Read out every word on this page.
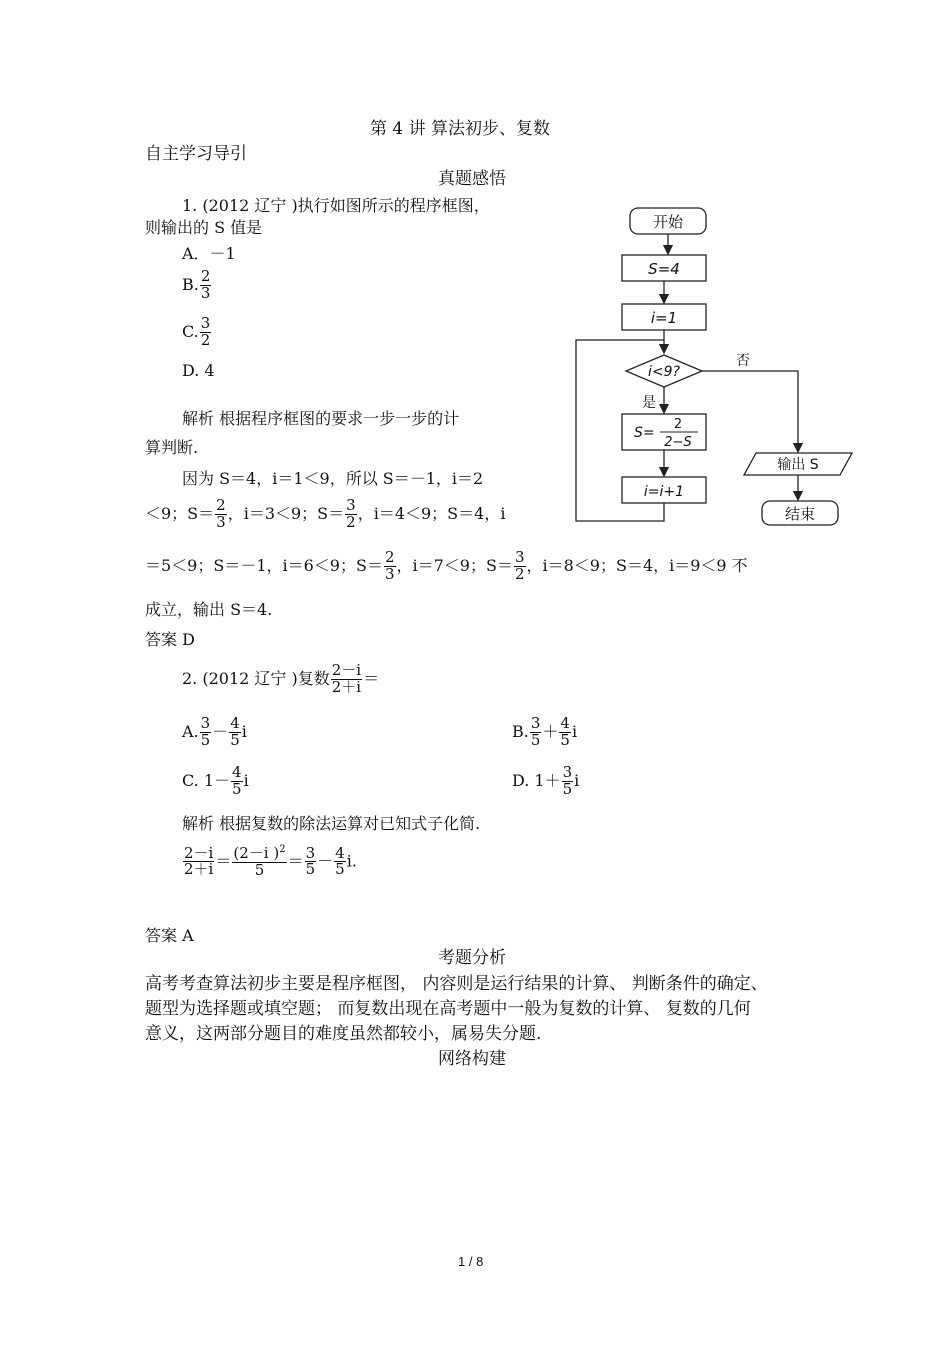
第 4 讲 算法初步、复数
自主学习导引
真题感悟
1. (2012 辽宁 )执行如图所示的程序框图，
则输出的 S 值是
A．－1
B. $\frac{2}{3}$
C. $\frac{3}{2}$
D. 4
解析 根据程序框图的要求一步一步的计
算判断.
因为 S＝4，i＝1＜9，所以 S＝－1，i＝2
＜9；$S= \frac{2}{3}$ ，i＝3＜9；$S= \frac{3}{2}$ ，i＝4＜9；S＝4，i
＝5＜9；S＝－1，i＝6＜9；$S= \frac{2}{3}$ ，i＝7＜9；$S= \frac{3}{2}$ ，i＝8＜9；S＝4，i＝9＜9 不
成立，输出 S＝4.
答案 D
开始
S=4
i=1
i<9?
否
是
S=
2
2−S
i=i+1
输出 S
结束
2. (2012 辽宁 )复数 $\frac{2-i}{2+i}$ ＝
A. $\frac{3}{5} - \frac{4}{5}$ i	B. $\frac{3}{5} + \frac{4}{5}$ i
C. $1- \frac{4}{5}$ i	D. $1+ \frac{3}{5}$ i
解析 根据复数的除法运算对已知式子化简.
$\frac{2-i}{2+i} = \frac{(2-i )^2}{5} = \frac{3}{5} - \frac{4}{5} i$.
答案 A
考题分析
高考考查算法初步主要是程序框图， 内容则是运行结果的计算、 判断条件的确定、
题型为选择题或填空题； 而复数出现在高考题中一般为复数的计算、 复数的几何
意义，这两部分题目的难度虽然都较小，属易失分题.
网络构建
1 / 8
